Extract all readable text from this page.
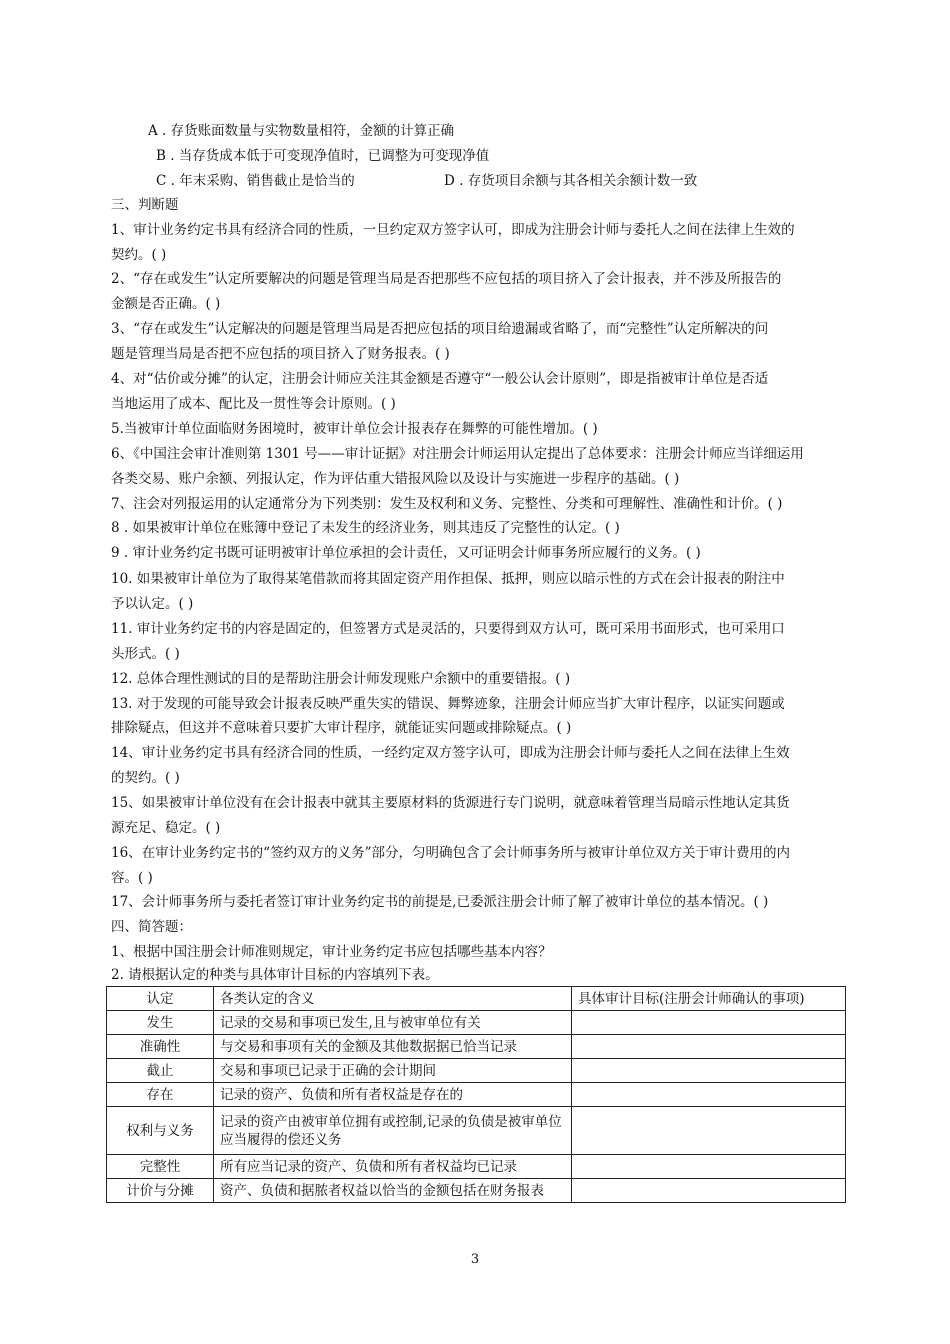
A . 存货账面数量与实物数量相符，金额的计算正确
B . 当存货成本低于可变现净值时，已调整为可变现净值
C . 年末采购、销售截止是恰当的	D . 存货项目余额与其各相关余额计数一致
三、判断题
1、审计业务约定书具有经济合同的性质，一旦约定双方签字认可，即成为注册会计师与委托人之间在法律上生效的
契约。( )
2、“存在或发生”认定所要解决的问题是管理当局是否把那些不应包括的项目挤入了会计报表，并不涉及所报告的
金额是否正确。( )
3、“存在或发生”认定解决的问题是管理当局是否把应包括的项目给遗漏或省略了，而“完整性”认定所解决的问
题是管理当局是否把不应包括的项目挤入了财务报表。( )
4、对“估价或分摊”的认定，注册会计师应关注其金额是否遵守“一般公认会计原则”，即是指被审计单位是否适
当地运用了成本、配比及一贯性等会计原则。( )
5.当被审计单位面临财务困境时，被审计单位会计报表存在舞弊的可能性增加。( )
6、《中国注会审计准则第 1301 号——审计证据》对注册会计师运用认定提出了总体要求：注册会计师应当详细运用
各类交易、账户余额、列报认定，作为评估重大错报风险以及设计与实施进一步程序的基础。( )
7、注会对列报运用的认定通常分为下列类别：发生及权利和义务、完整性、分类和可理解性、准确性和计价。( )
8 . 如果被审计单位在账簿中登记了未发生的经济业务，则其违反了完整性的认定。( )
9 . 审计业务约定书既可证明被审计单位承担的会计责任，又可证明会计师事务所应履行的义务。( )
10. 如果被审计单位为了取得某笔借款而将其固定资产用作担保、抵押，则应以暗示性的方式在会计报表的附注中
予以认定。( )
11. 审计业务约定书的内容是固定的，但签署方式是灵活的，只要得到双方认可，既可采用书面形式，也可采用口
头形式。( )
12. 总体合理性测试的目的是帮助注册会计师发现账户余额中的重要错报。( )
13. 对于发现的可能导致会计报表反映严重失实的错误、舞弊迹象，注册会计师应当扩大审计程序，以证实问题或
排除疑点，但这并不意味着只要扩大审计程序，就能证实问题或排除疑点。( )
14、审计业务约定书具有经济合同的性质，一经约定双方签字认可，即成为注册会计师与委托人之间在法律上生效
的契约。( )
15、如果被审计单位没有在会计报表中就其主要原材料的货源进行专门说明，就意味着管理当局暗示性地认定其货
源充足、稳定。( )
16、在审计业务约定书的“签约双方的义务”部分，匀明确包含了会计师事务所与被审计单位双方关于审计费用的内
容。( )
17、会计师事务所与委托者签订审计业务约定书的前提是,已委派注册会计师了解了被审计单位的基本情况。( )
四、简答题：
1、根据中国注册会计师准则规定，审计业务约定书应包括哪些基本内容？
2. 请根据认定的种类与具体审计目标的内容填列下表。
认定	各类认定的含义	具体审计目标(注册会计师确认的事项)
发生	记录的交易和事项已发生,且与被审单位有关	
准确性	与交易和事项有关的金额及其他数据据已恰当记录	
截止	交易和事项已记录于正确的会计期间	
存在	记录的资产、负债和所有者权益是存在的	
权利与义务	记录的资产由被审单位拥有或控制,记录的负债是被审单位应当履得的偿还义务	
完整性	所有应当记录的资产、负债和所有者权益均已记录	
计价与分摊	资产、负债和据脓者权益以恰当的金额包括在财务报表	
3
